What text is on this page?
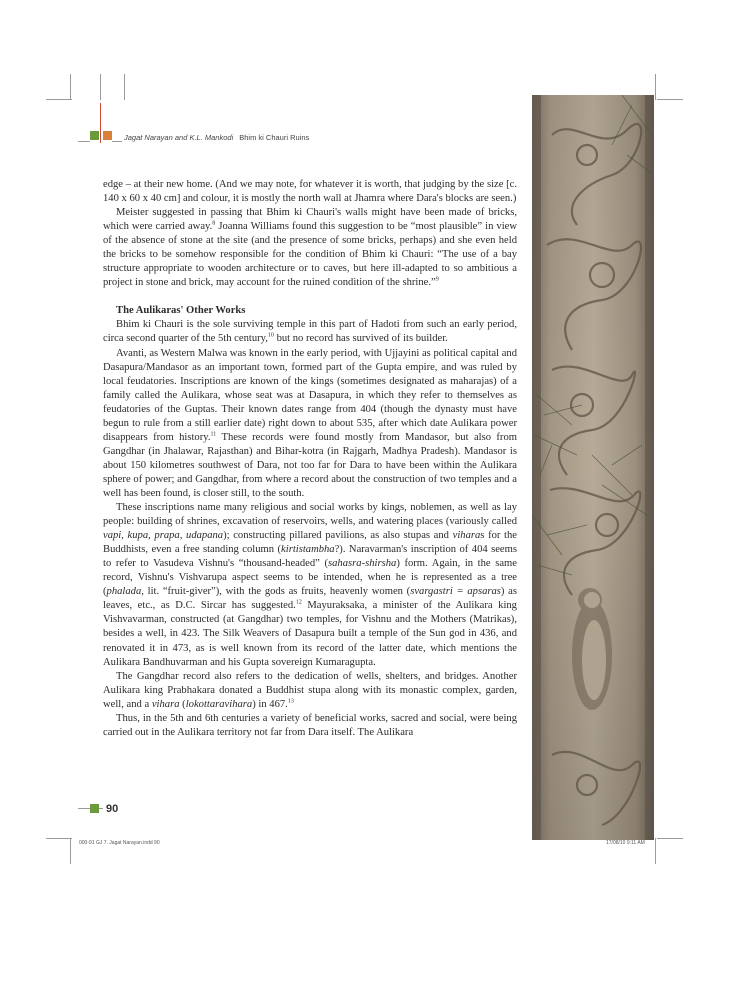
Jagat Narayan and K.L. Mankodi Bhim ki Chauri Ruins

edge – at their new home. (And we may note, for whatever it is worth, that judging by the size [c. 140 x 60 x 40 cm] and colour, it is mostly the north wall at Jhamra where Dara's blocks are seen.)

Meister suggested in passing that Bhim ki Chauri's walls might have been made of bricks, which were carried away.$^8$ Joanna Williams found this suggestion to be “most plausible” in view of the absence of stone at the site (and the presence of some bricks, perhaps) and she even held the bricks to be somehow responsible for the condition of Bhim ki Chauri: “The use of a bay structure appropriate to wooden architecture or to caves, but here ill-adapted to so ambitious a project in stone and brick, may account for the ruined condition of the shrine.”$^9$

The Aulikaras' Other Works

Bhim ki Chauri is the sole surviving temple in this part of Hadoti from such an early period, circa second quarter of the 5th century,$^{10}$ but no record has survived of its builder.

Avanti, as Western Malwa was known in the early period, with Ujjayini as political capital and Dasapura/Mandasor as an important town, formed part of the Gupta empire, and was ruled by local feudatories. Inscriptions are known of the kings (sometimes designated as maharajas) of a family called the Aulikara, whose seat was at Dasapura, in which they refer to themselves as feudatories of the Guptas. Their known dates range from 404 (though the dynasty must have begun to rule from a still earlier date) right down to about 535, after which date Aulikara power disappears from history.$^{11}$ These records were found mostly from Mandasor, but also from Gangdhar (in Jhalawar, Rajasthan) and Bihar-kotra (in Rajgarh, Madhya Pradesh). Mandasor is about 150 kilometres southwest of Dara, not too far for Dara to have been within the Aulikara sphere of power; and Gangdhar, from where a record about the construction of two temples and a well has been found, is closer still, to the south.

These inscriptions name many religious and social works by kings, noblemen, as well as lay people: building of shrines, excavation of reservoirs, wells, and watering places (variously called vapi, kupa, prapa, udapana); constructing pillared pavilions, as also stupas and viharas for the Buddhists, even a free standing column (kirtistambha?). Naravarman's inscription of 404 seems to refer to Vasudeva Vishnu's “thousand-headed” (sahasra-shirsha) form. Again, in the same record, Vishnu's Vishvarupa aspect seems to be intended, when he is represented as a tree (phalada, lit. “fruit-giver”), with the gods as fruits, heavenly women (svargastri = apsaras) as leaves, etc., as D.C. Sircar has suggested.$^{12}$ Mayuraksaka, a minister of the Aulikara king Vishvavarman, constructed (at Gangdhar) two temples, for Vishnu and the Mothers (Matrikas), besides a well, in 423. The Silk Weavers of Dasapura built a temple of the Sun god in 436, and renovated it in 473, as is well known from its record of the latter date, which mentions the Aulikara Bandhuvarman and his Gupta sovereign Kumaragupta.

The Gangdhar record also refers to the dedication of wells, shelters, and bridges. Another Aulikara king Prabhakara donated a Buddhist stupa along with its monastic complex, garden, well, and a vihara (lokottaravihara) in 467.13

Thus, in the 5th and 6th centuries a variety of beneficial works, sacred and social, were being carried out in the Aulikara territory not far from Dara itself. The Aulikara

90
000-91 GJ 7. Jagat Narayan.indd 90	17/08/10 9:11 AM
